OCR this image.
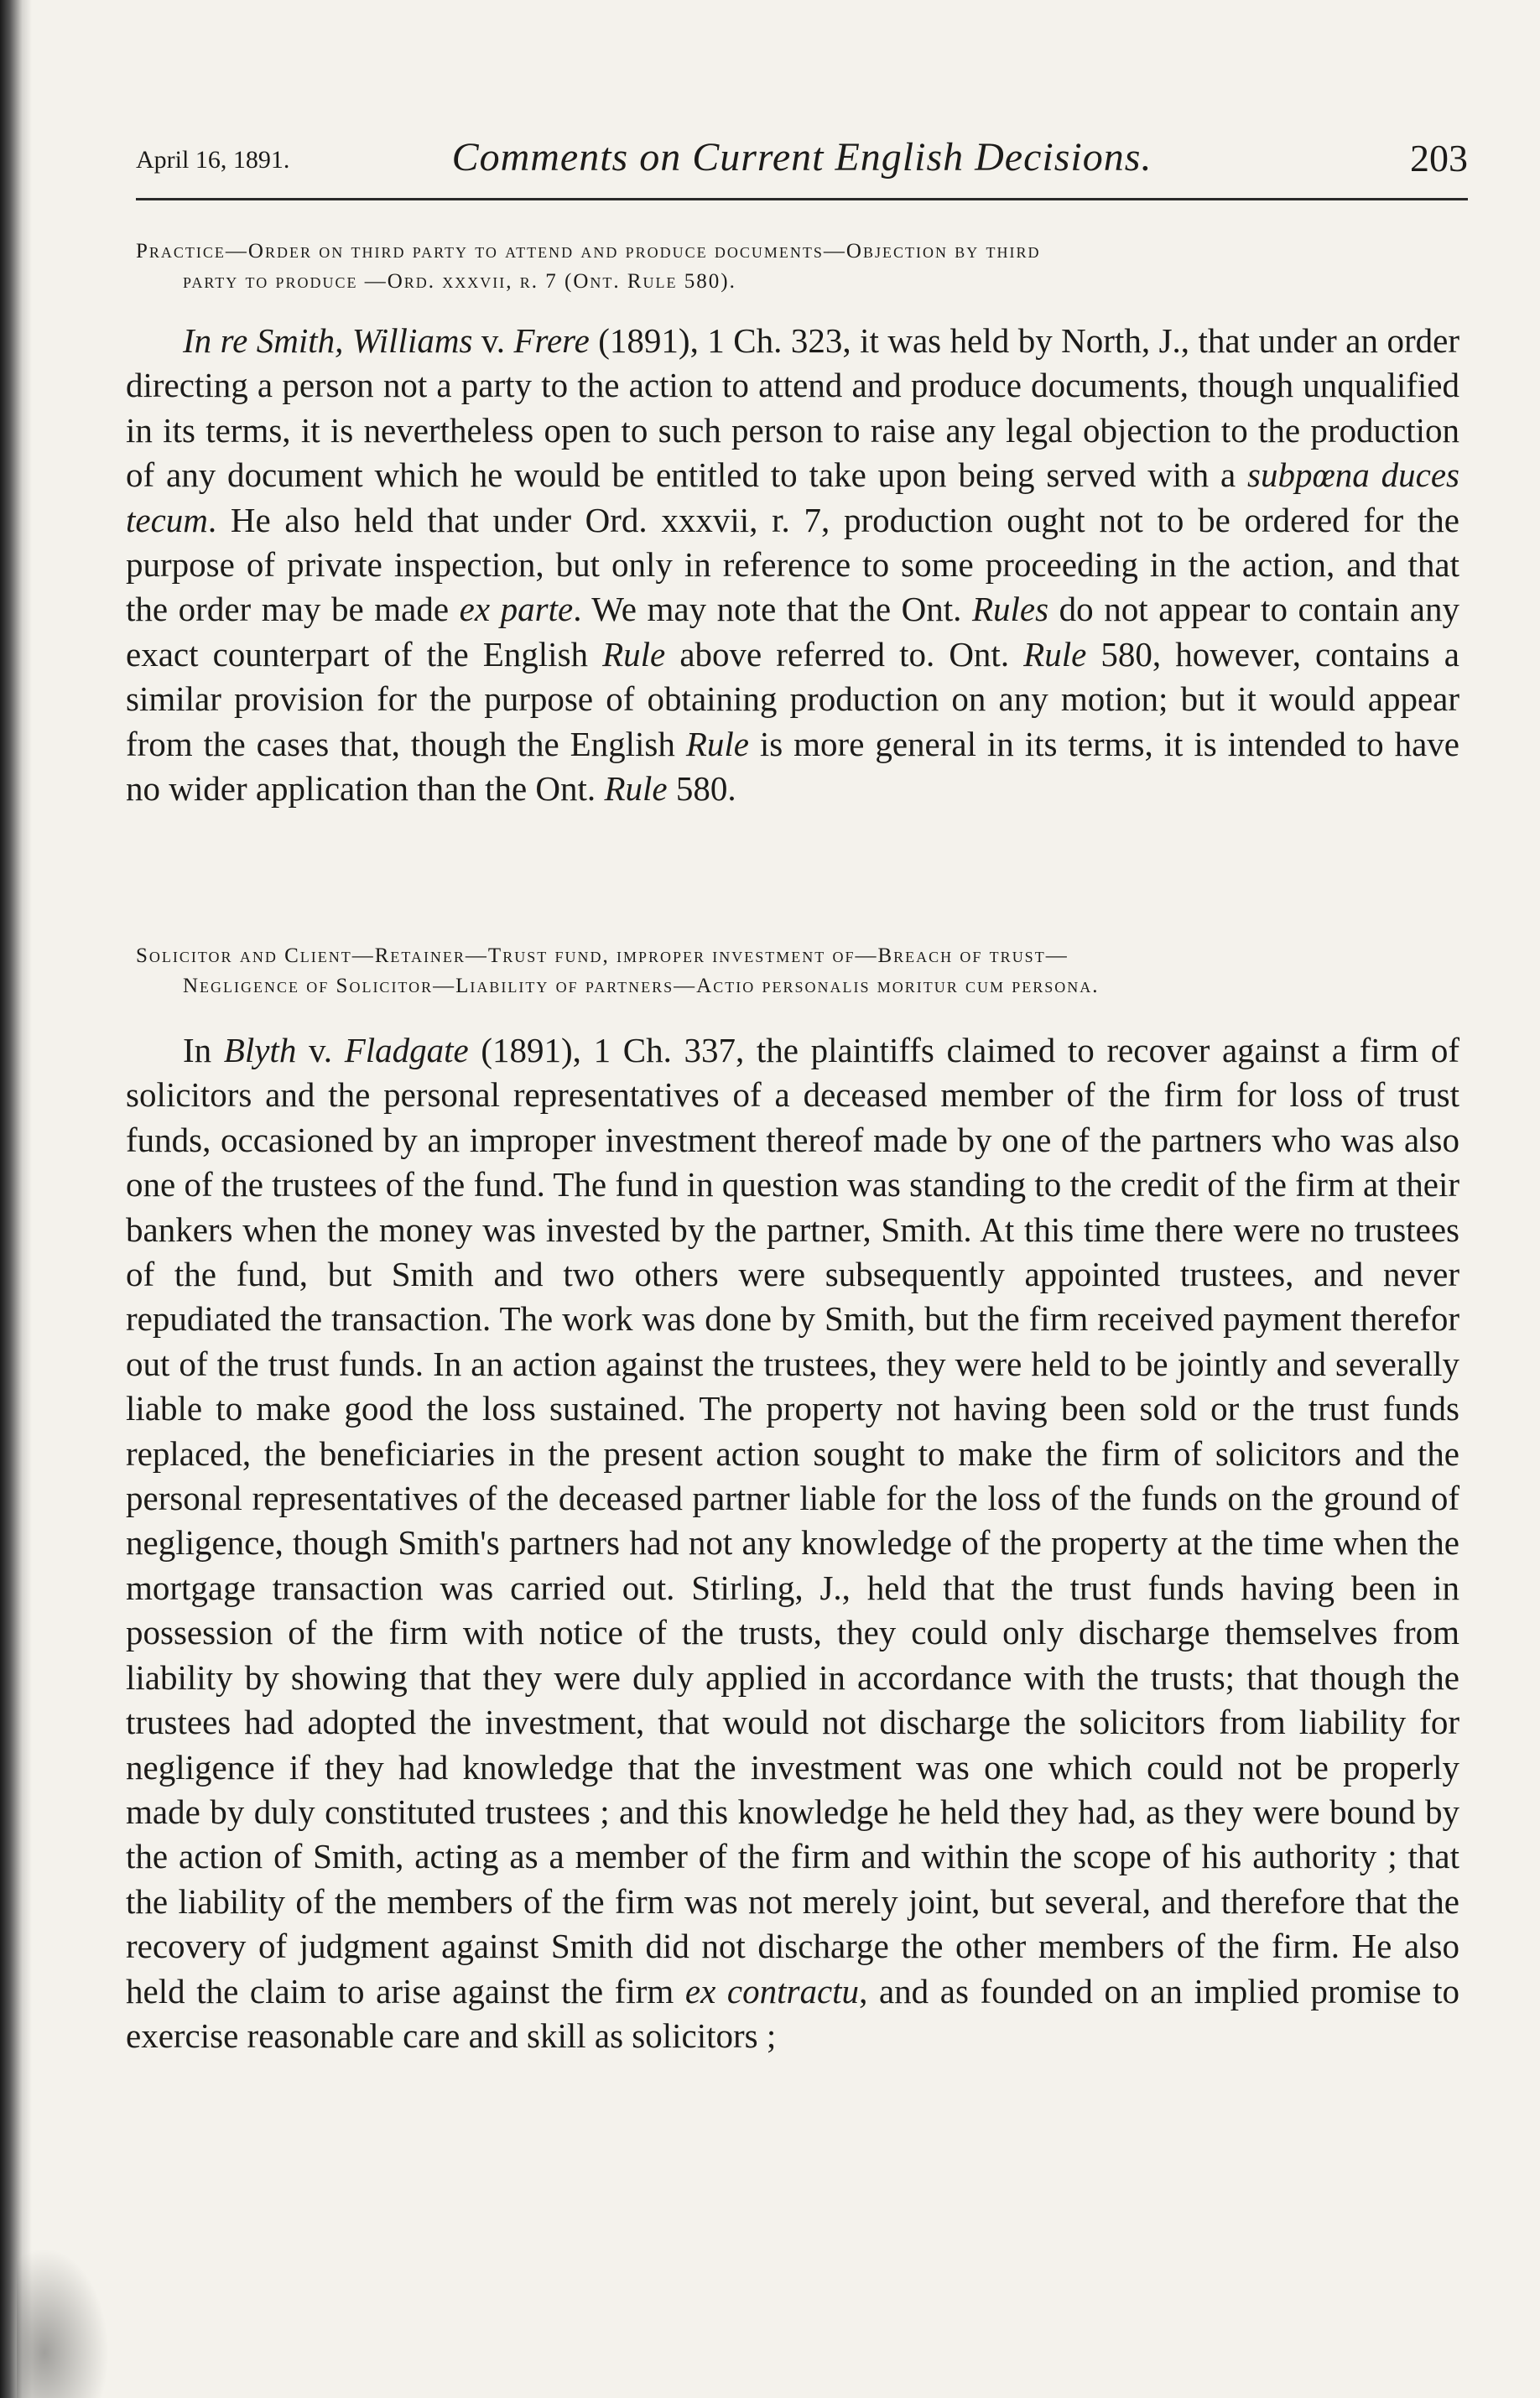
April 16, 1891.	Comments on Current English Decisions.	203
Practice—Order on third party to attend and produce documents—Objection by third
party to produce —Ord. xxxvii, r. 7 (Ont. Rule 580).
In re Smith, Williams v. Frere (1891), 1 Ch. 323, it was held by North, J., that under an order directing a person not a party to the action to attend and produce documents, though unqualified in its terms, it is nevertheless open to such person to raise any legal objection to the production of any document which he would be entitled to take upon being served with a subpœna duces tecum. He also held that under Ord. xxxvii, r. 7, production ought not to be ordered for the purpose of private inspection, but only in reference to some proceeding in the action, and that the order may be made ex parte. We may note that the Ont. Rules do not appear to contain any exact counterpart of the English Rule above referred to. Ont. Rule 580, however, contains a similar provision for the purpose of obtaining production on any motion; but it would appear from the cases that, though the English Rule is more general in its terms, it is intended to have no wider application than the Ont. Rule 580.
Solicitor and Client—Retainer—Trust fund, improper investment of—Breach of trust—
Negligence of Solicitor—Liability of partners—Actio personalis moritur cum persona.
In Blyth v. Fladgate (1891), 1 Ch. 337, the plaintiffs claimed to recover against a firm of solicitors and the personal representatives of a deceased member of the firm for loss of trust funds, occasioned by an improper investment thereof made by one of the partners who was also one of the trustees of the fund. The fund in question was standing to the credit of the firm at their bankers when the money was invested by the partner, Smith. At this time there were no trustees of the fund, but Smith and two others were subsequently appointed trustees, and never repudiated the transaction. The work was done by Smith, but the firm received payment therefor out of the trust funds. In an action against the trustees, they were held to be jointly and severally liable to make good the loss sustained. The property not having been sold or the trust funds replaced, the beneficiaries in the present action sought to make the firm of solicitors and the personal representatives of the deceased partner liable for the loss of the funds on the ground of negligence, though Smith's partners had not any knowledge of the property at the time when the mortgage transaction was carried out. Stirling, J., held that the trust funds having been in possession of the firm with notice of the trusts, they could only discharge themselves from liability by showing that they were duly applied in accordance with the trusts; that though the trustees had adopted the investment, that would not discharge the solicitors from liability for negligence if they had knowledge that the investment was one which could not be properly made by duly constituted trustees ; and this knowledge he held they had, as they were bound by the action of Smith, acting as a member of the firm and within the scope of his authority ; that the liability of the members of the firm was not merely joint, but several, and therefore that the recovery of judgment against Smith did not discharge the other members of the firm. He also held the claim to arise against the firm ex contractu, and as founded on an implied promise to exercise reasonable care and skill as solicitors ;
